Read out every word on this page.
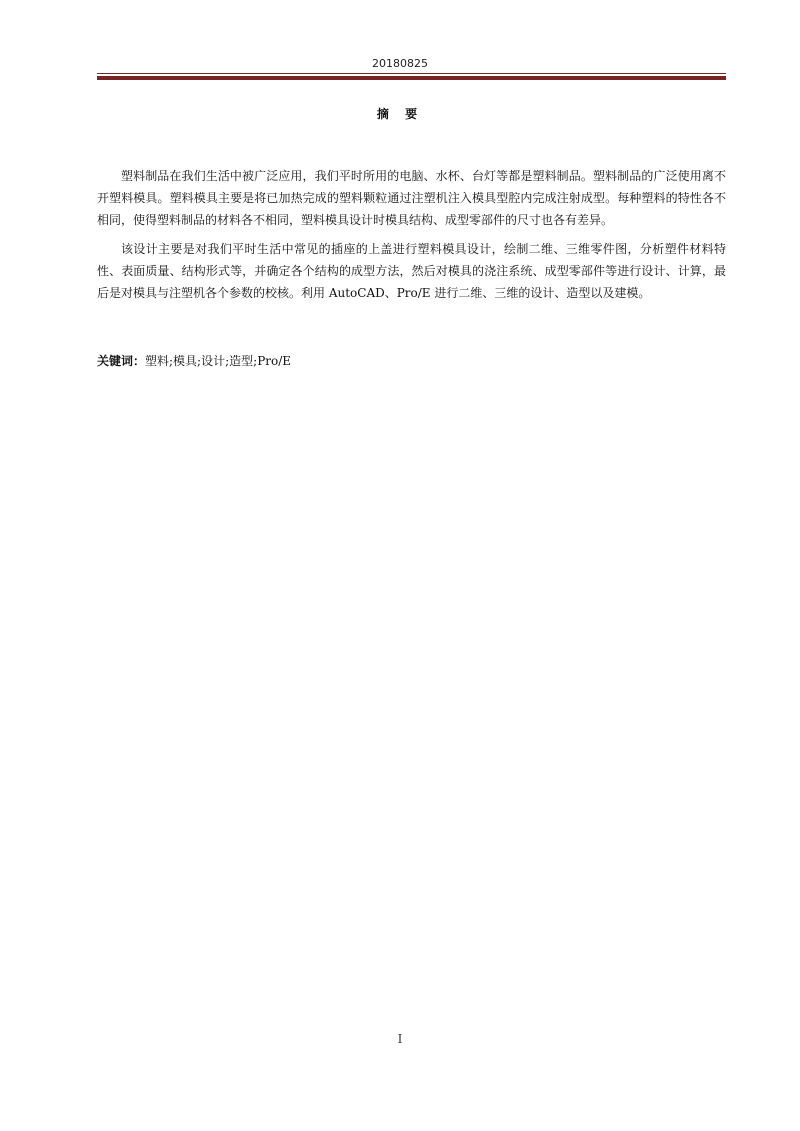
20180825
摘 要

塑料制品在我们生活中被广泛应用，我们平时所用的电脑、水杯、台灯等都是塑料制品。塑料制品的广泛使用离不开塑料模具。塑料模具主要是将已加热完成的塑料颗粒通过注塑机注入模具型腔内完成注射成型。每种塑料的特性各不相同，使得塑料制品的材料各不相同，塑料模具设计时模具结构、成型零部件的尺寸也各有差异。

该设计主要是对我们平时生活中常见的插座的上盖进行塑料模具设计，绘制二维、三维零件图，分析塑件材料特性、表面质量、结构形式等，并确定各个结构的成型方法，然后对模具的浇注系统、成型零部件等进行设计、计算，最后是对模具与注塑机各个参数的校核。利用 AutoCAD、Pro/E 进行二维、三维的设计、造型以及建模。

关键词：塑料;模具;设计;造型;Pro/E
I
